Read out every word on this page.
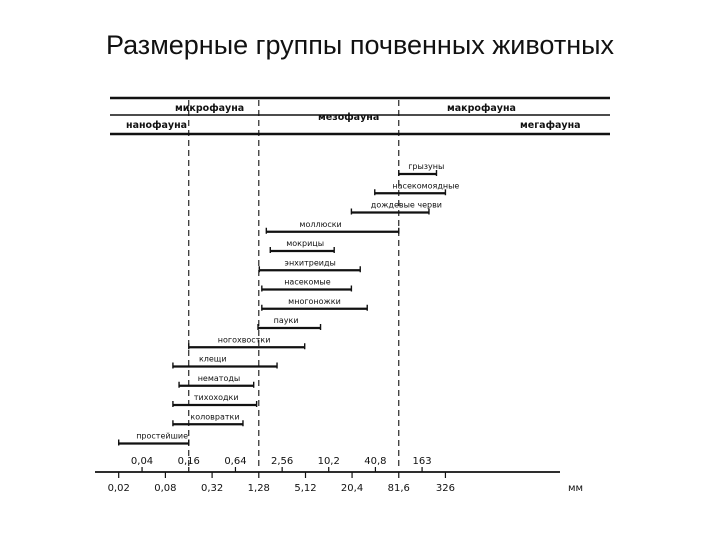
Размерные группы почвенных животных
микрофауна
мезофауна
макрофауна
нанофауна	мегафауна
грызуны
насекомоядные
дождевые черви
моллюски
мокрицы
энхитреиды
насекомые
многоножки
пауки
ногохвостки
клещи
нематоды
тихоходки
коловратки
простейшие
мм
0,04 0,16 0,64 2,56 10,2 40,8	163
0,02 0,08 0,32 1,28 5,12 20,4 81,6	326
